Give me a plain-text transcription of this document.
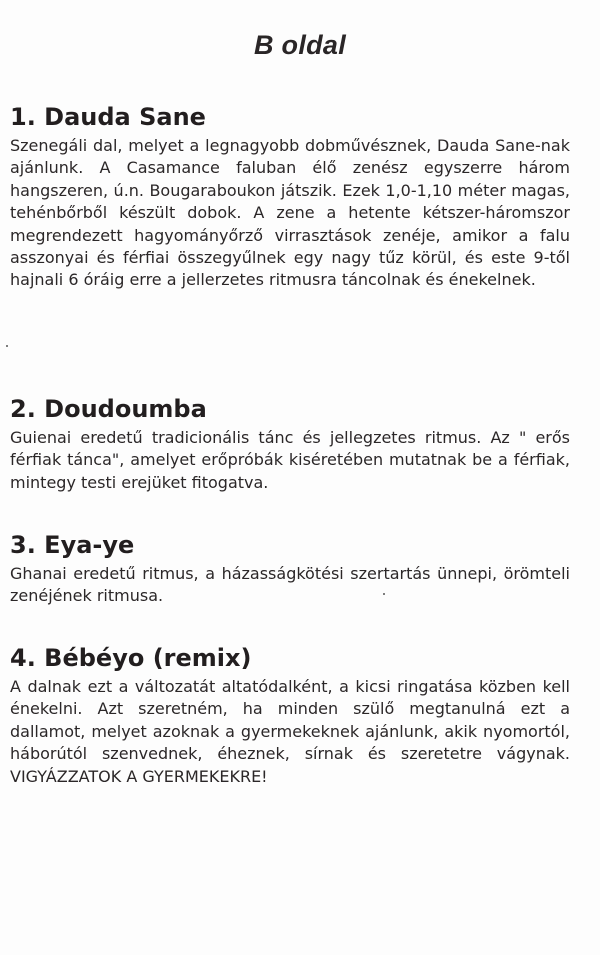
B oldal
1. Dauda Sane

Szenegáli dal, melyet a legnagyobb dobművésznek, Dauda Sane-nak ajánlunk. A Casamance faluban élő zenész egyszerre három hangszeren, ú.n. Bougaraboukon játszik. Ezek 1,0-1,10 méter magas, tehénbőrből készült dobok. A zene a hetente kétszer-háromszor megrendezett hagyományőrző virrasztások zenéje, amikor a falu asszonyai és férfiai összegyűlnek egy nagy tűz körül, és este 9-től hajnali 6 óráig erre a jellerzetes ritmusra táncolnak és énekelnek.

2. Doudoumba

Guienai eredetű tradicionális tánc és jellegzetes ritmus. Az " erős férfiak tánca", amelyet erőpróbák kiséretében mutatnak be a férfiak, mintegy testi erejüket fitogatva.

3. Eya-ye

Ghanai eredetű ritmus, a házasságkötési szertartás ünnepi, örömteli zenéjének ritmusa.

4. Bébéyo (remix)

A dalnak ezt a változatát altatódalként, a kicsi ringatása közben kell énekelni. Azt szeretném, ha minden szülő megtanulná ezt a dallamot, melyet azoknak a gyermekeknek ajánlunk, akik nyomortól, háborútól szenvednek, éheznek, sírnak és szeretetre vágynak. VIGYÁZZATOK A GYERMEKEKRE!
